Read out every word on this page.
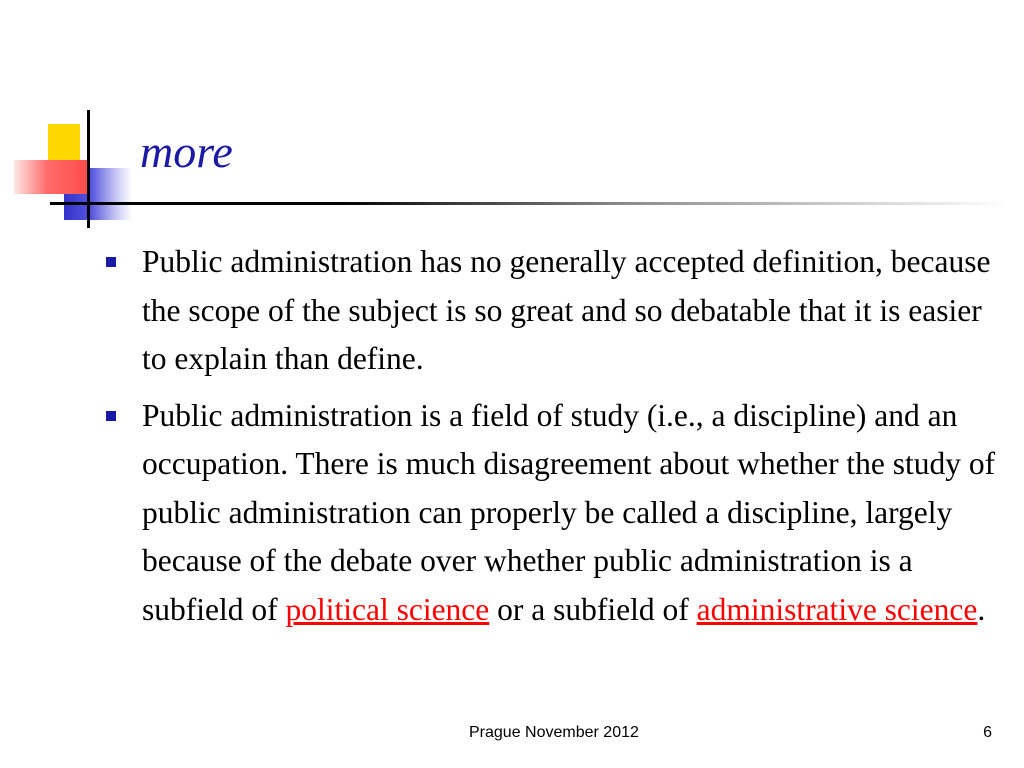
more
Public administration has no generally accepted definition, because the scope of the subject is so great and so debatable that it is easier to explain than define.
Public administration is a field of study (i.e., a discipline) and an occupation. There is much disagreement about whether the study of public administration can properly be called a discipline, largely because of the debate over whether public administration is a subfield of political science or a subfield of administrative science.
Prague November 2012	6
